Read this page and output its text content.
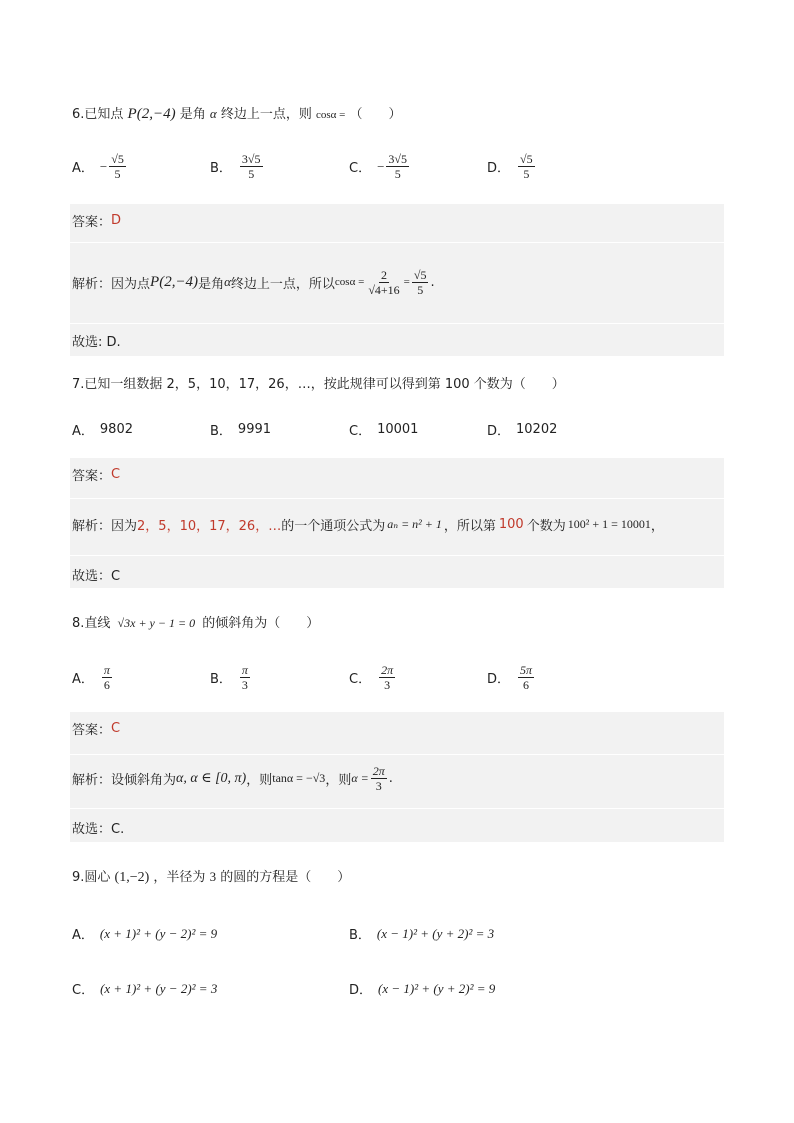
6.已知点 P(2,−4) 是角 α 终边上一点，则 cosα = （　　）
A． − $\frac{√5}{5}$	B． $\frac{3√5}{5}$	C． − $\frac{3√5}{5}$	D． $\frac{√5}{5}$
答案： D
解析： 因为点 P(2,−4) 是角 α 终边上一点，所以 $\cos\alpha = \frac{2}{√4+16} = \frac{√5}{5}$ .
故选: D.
7.已知一组数据 2，5，10，17，26，…，按此规律可以得到第 100 个数为（　　）
A． 9802	B． 9991	C． 10001	D． 10202
答案： C
解析： 因为 2，5，10，17，26，… 的一个通项公式为 aₙ = n² + 1 ，所以第 100 个数为 100² + 1 = 10001 ，
故选：C
8.直线 √3x + y − 1 = 0 的倾斜角为（　　）
A． $\frac{\pi}{6}$	B． $\frac{\pi}{3}$	C． $\frac{2\pi}{3}$	D． $\frac{5\pi}{6}$
答案： C
解析： 设倾斜角为 α, α ∈ [0, π) ，则 tanα = −√3 ，则 $\alpha = \frac{2\pi}{3}$ .
故选：C.
9.圆心 (1,−2) ，半径为 3 的圆的方程是（　　）
A． (x + 1)² + (y − 2)² = 9	B． (x − 1)² + (y + 2)² = 3
C． (x + 1)² + (y − 2)² = 3	D． (x − 1)² + (y + 2)² = 9
